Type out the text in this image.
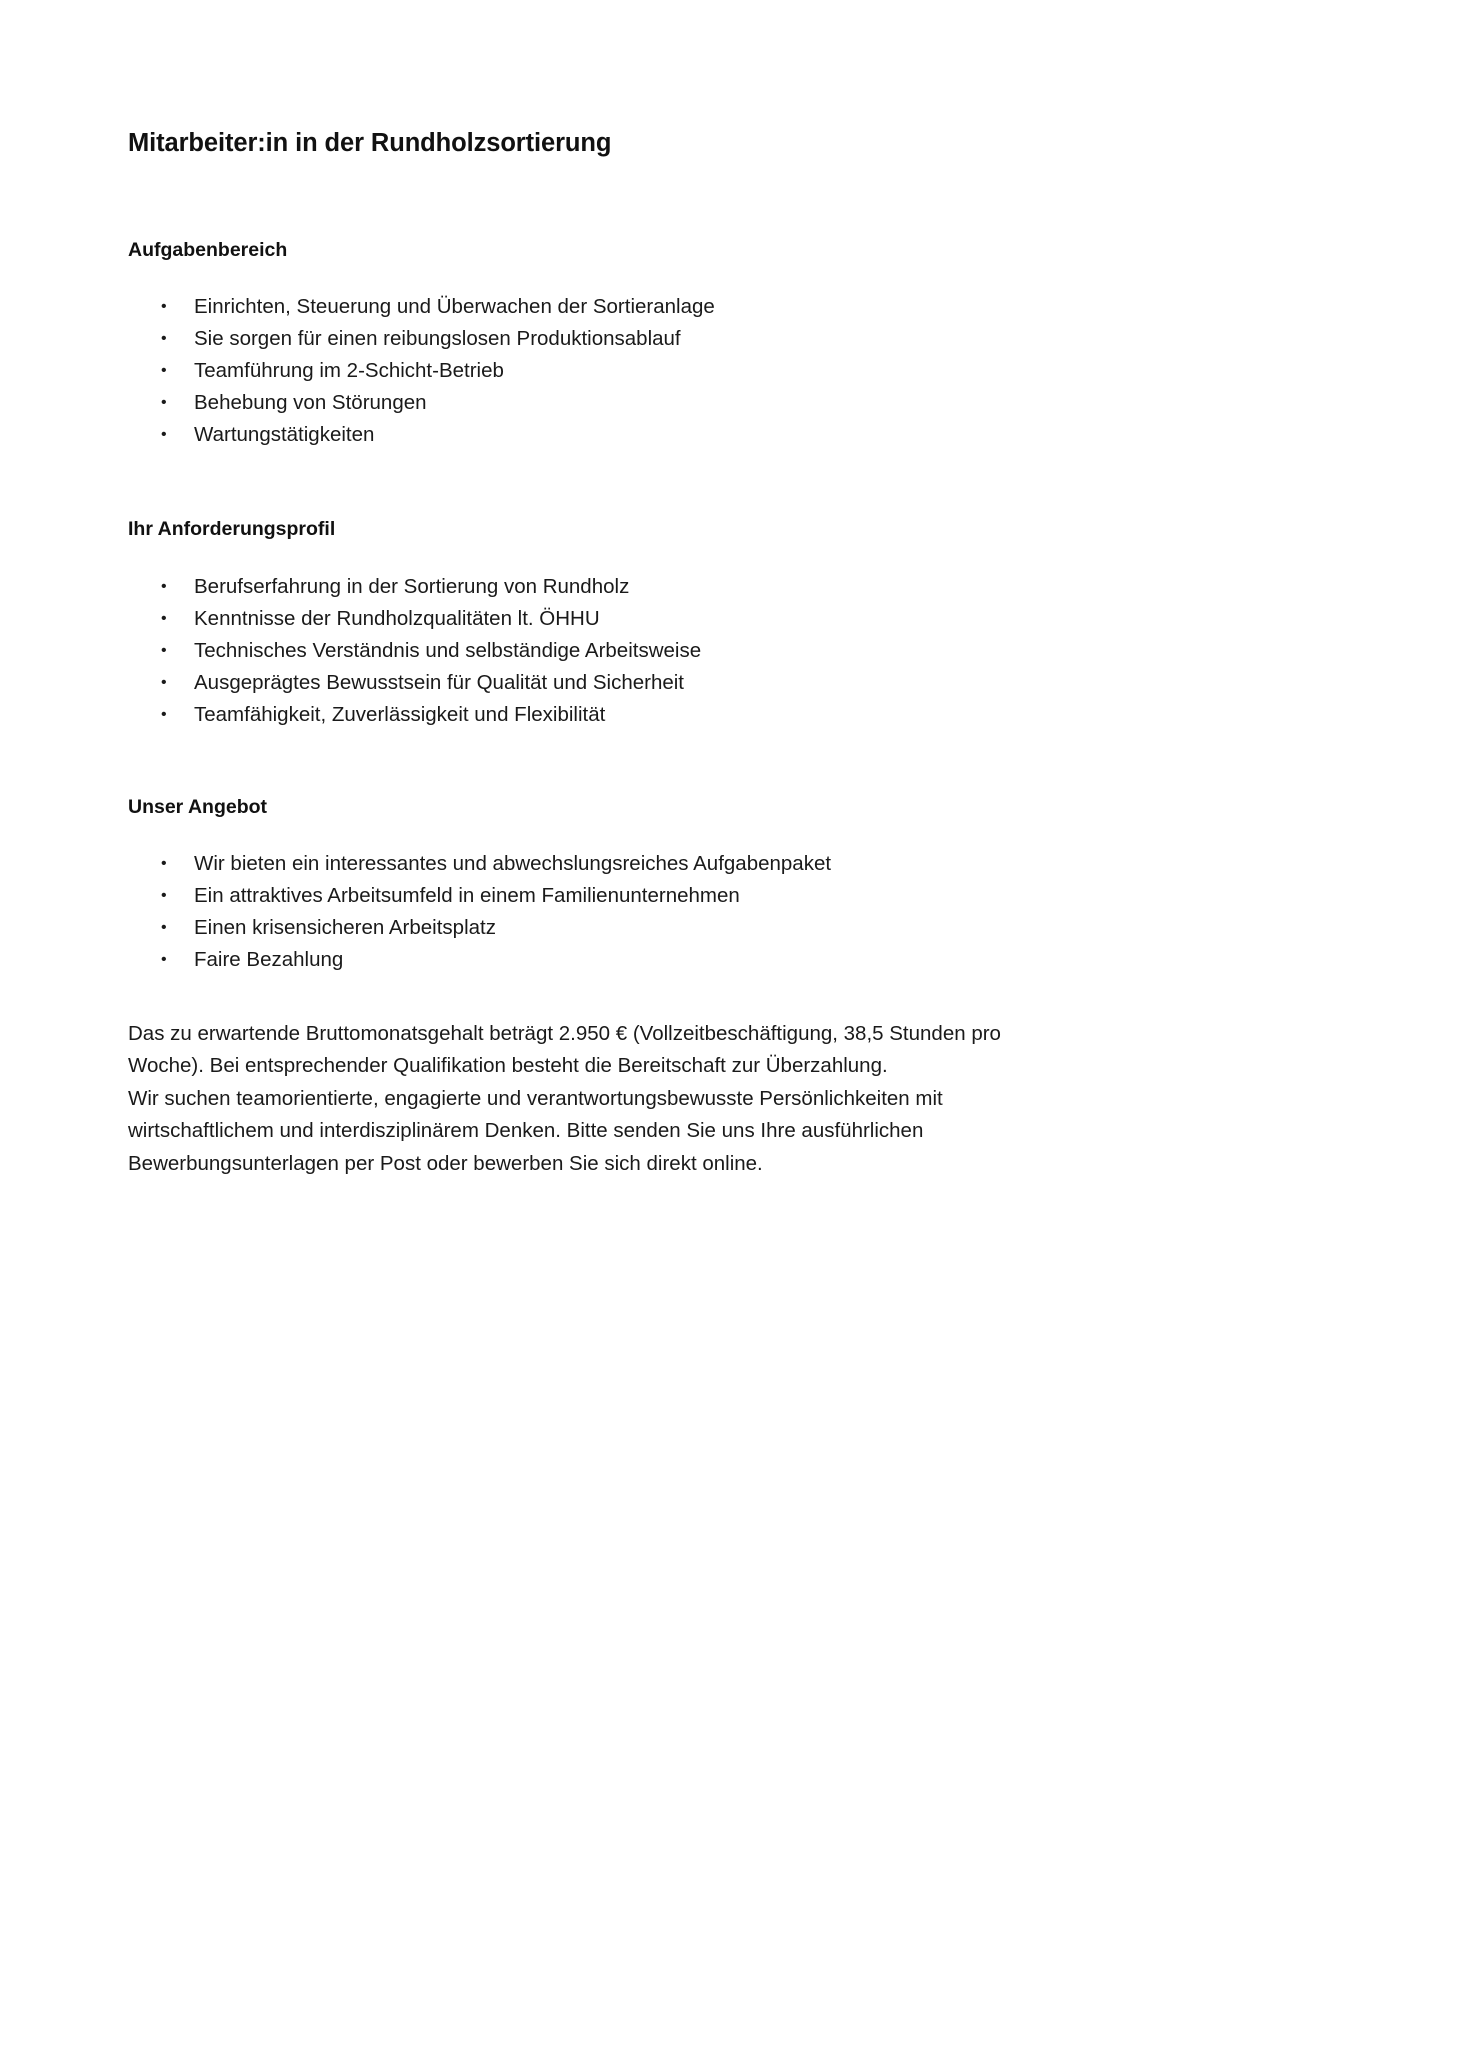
Mitarbeiter:in in der Rundholzsortierung
Aufgabenbereich
• Einrichten, Steuerung und Überwachen der Sortieranlage
• Sie sorgen für einen reibungslosen Produktionsablauf
• Teamführung im 2-Schicht-Betrieb
• Behebung von Störungen
• Wartungstätigkeiten
Ihr Anforderungsprofil
• Berufserfahrung in der Sortierung von Rundholz
• Kenntnisse der Rundholzqualitäten lt. ÖHHU
• Technisches Verständnis und selbständige Arbeitsweise
• Ausgeprägtes Bewusstsein für Qualität und Sicherheit
• Teamfähigkeit, Zuverlässigkeit und Flexibilität
Unser Angebot
• Wir bieten ein interessantes und abwechslungsreiches Aufgabenpaket
• Ein attraktives Arbeitsumfeld in einem Familienunternehmen
• Einen krisensicheren Arbeitsplatz
• Faire Bezahlung
Das zu erwartende Bruttomonatsgehalt beträgt 2.950 € (Vollzeitbeschäftigung, 38,5 Stunden pro
Woche). Bei entsprechender Qualifikation besteht die Bereitschaft zur Überzahlung.
Wir suchen teamorientierte, engagierte und verantwortungsbewusste Persönlichkeiten mit
wirtschaftlichem und interdisziplinärem Denken. Bitte senden Sie uns Ihre ausführlichen
Bewerbungsunterlagen per Post oder bewerben Sie sich direkt online.
